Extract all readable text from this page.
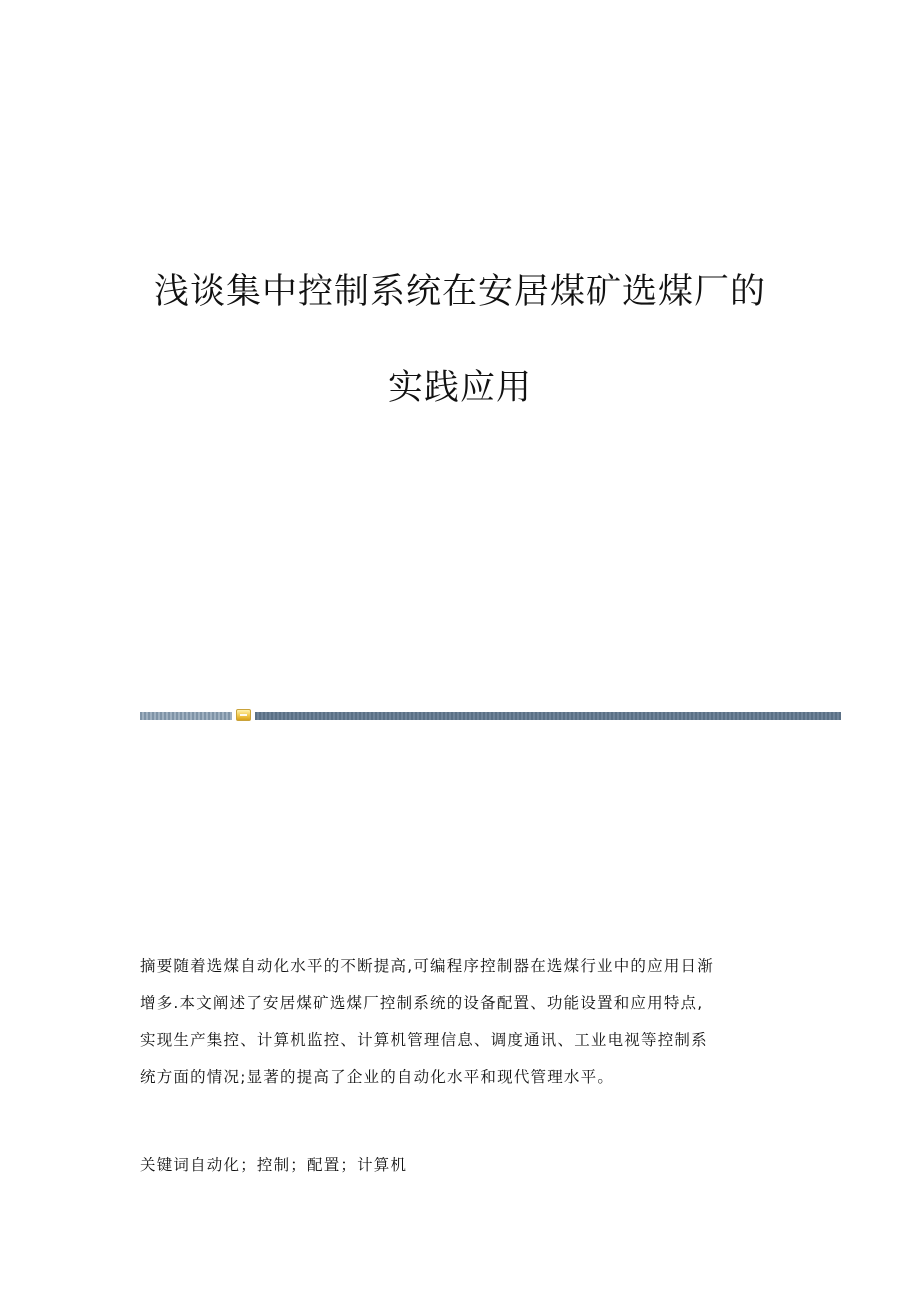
浅谈集中控制系统在安居煤矿选煤厂的
实践应用
摘要随着选煤自动化水平的不断提高,可编程序控制器在选煤行业中的应用日渐
增多.本文阐述了安居煤矿选煤厂控制系统的设备配置、功能设置和应用特点,
实现生产集控、计算机监控、计算机管理信息、调度通讯、工业电视等控制系
统方面的情况;显著的提高了企业的自动化水平和现代管理水平。
关键词自动化；控制；配置；计算机
